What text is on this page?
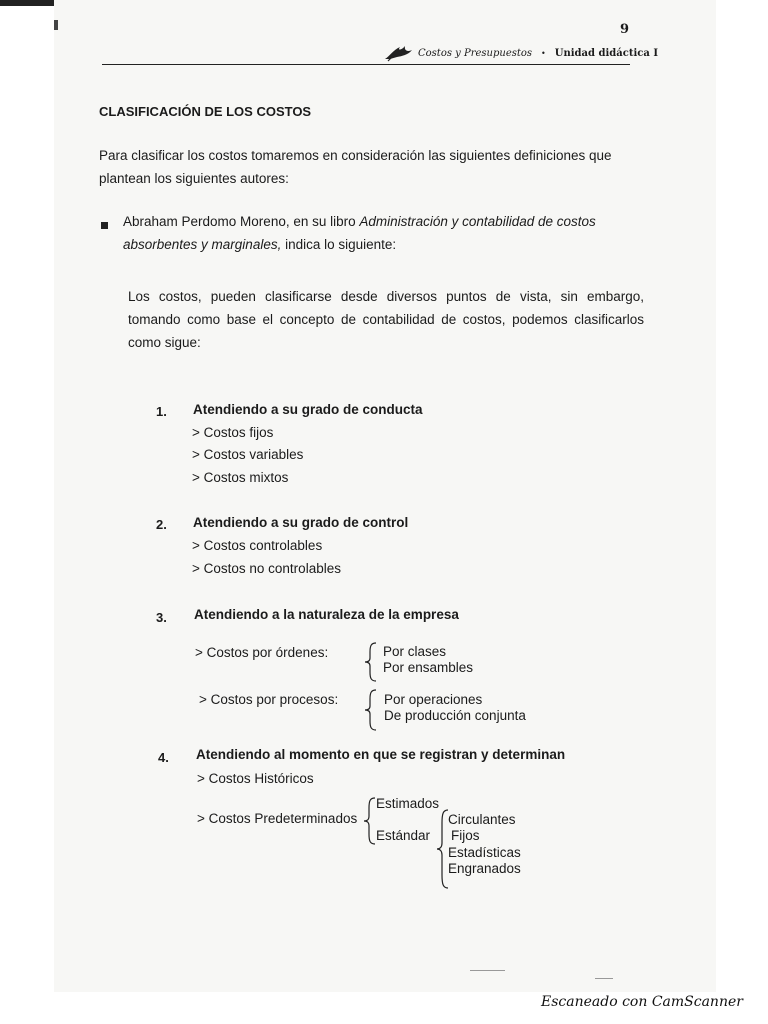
9
Costos y Presupuestos • Unidad didáctica I
CLASIFICACIÓN DE LOS COSTOS
Para clasificar los costos tomaremos en consideración las siguientes definiciones que plantean los siguientes autores:
Abraham Perdomo Moreno, en su libro Administración y contabilidad de costos absorbentes y marginales, indica lo siguiente:
Los costos, pueden clasificarse desde diversos puntos de vista, sin embargo, tomando como base el concepto de contabilidad de costos, podemos clasificarlos como sigue:
1. Atendiendo a su grado de conducta
> Costos fijos
> Costos variables
> Costos mixtos
2. Atendiendo a su grado de control
> Costos controlables
> Costos no controlables
3. Atendiendo a la naturaleza de la empresa
> Costos por órdenes:	Por clases
Por ensambles
> Costos por procesos:	Por operaciones
De producción conjunta
4. Atendiendo al momento en que se registran y determinan
> Costos Históricos
> Costos Predeterminados
Estimados
Estándar
Circulantes
Fijos
Estadísticas
Engranados
Escaneado con CamScanner
